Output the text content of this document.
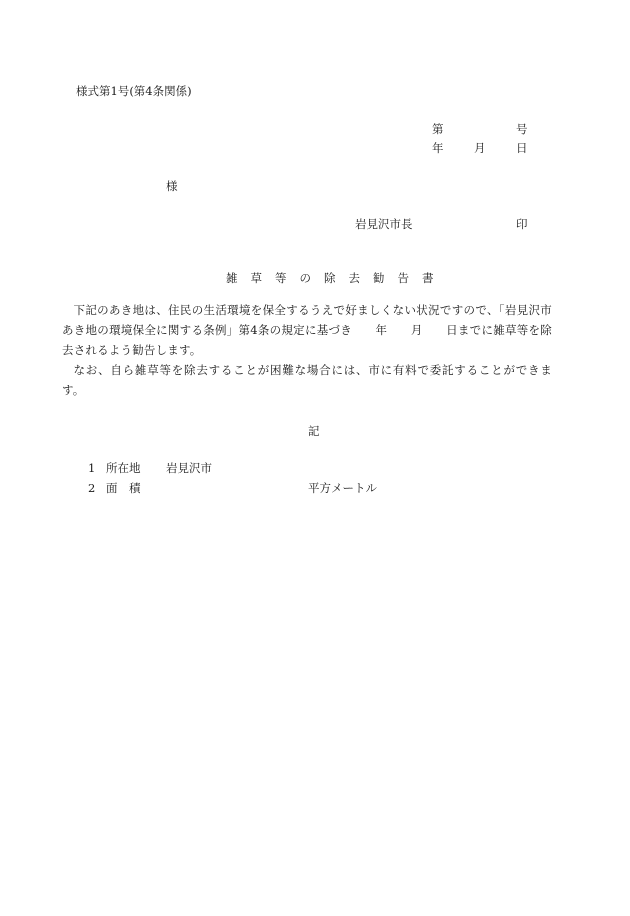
様式第1号(第4条関係)
第	号
年	月	日
様
岩見沢市長	印
雑 草 等 の 除 去 勧 告 書
下記のあき地は、住民の生活環境を保全するうえで好ましくない状況ですので、「岩見沢市あき地の環境保全に関する条例」第4条の規定に基づき　　年　　月　　日までに雑草等を除去されるよう勧告します。
なお、自ら雑草等を除去することが困難な場合には、市に有料で委託することができます。
記
1 所在地 岩見沢市
2 面　積	平方メートル
